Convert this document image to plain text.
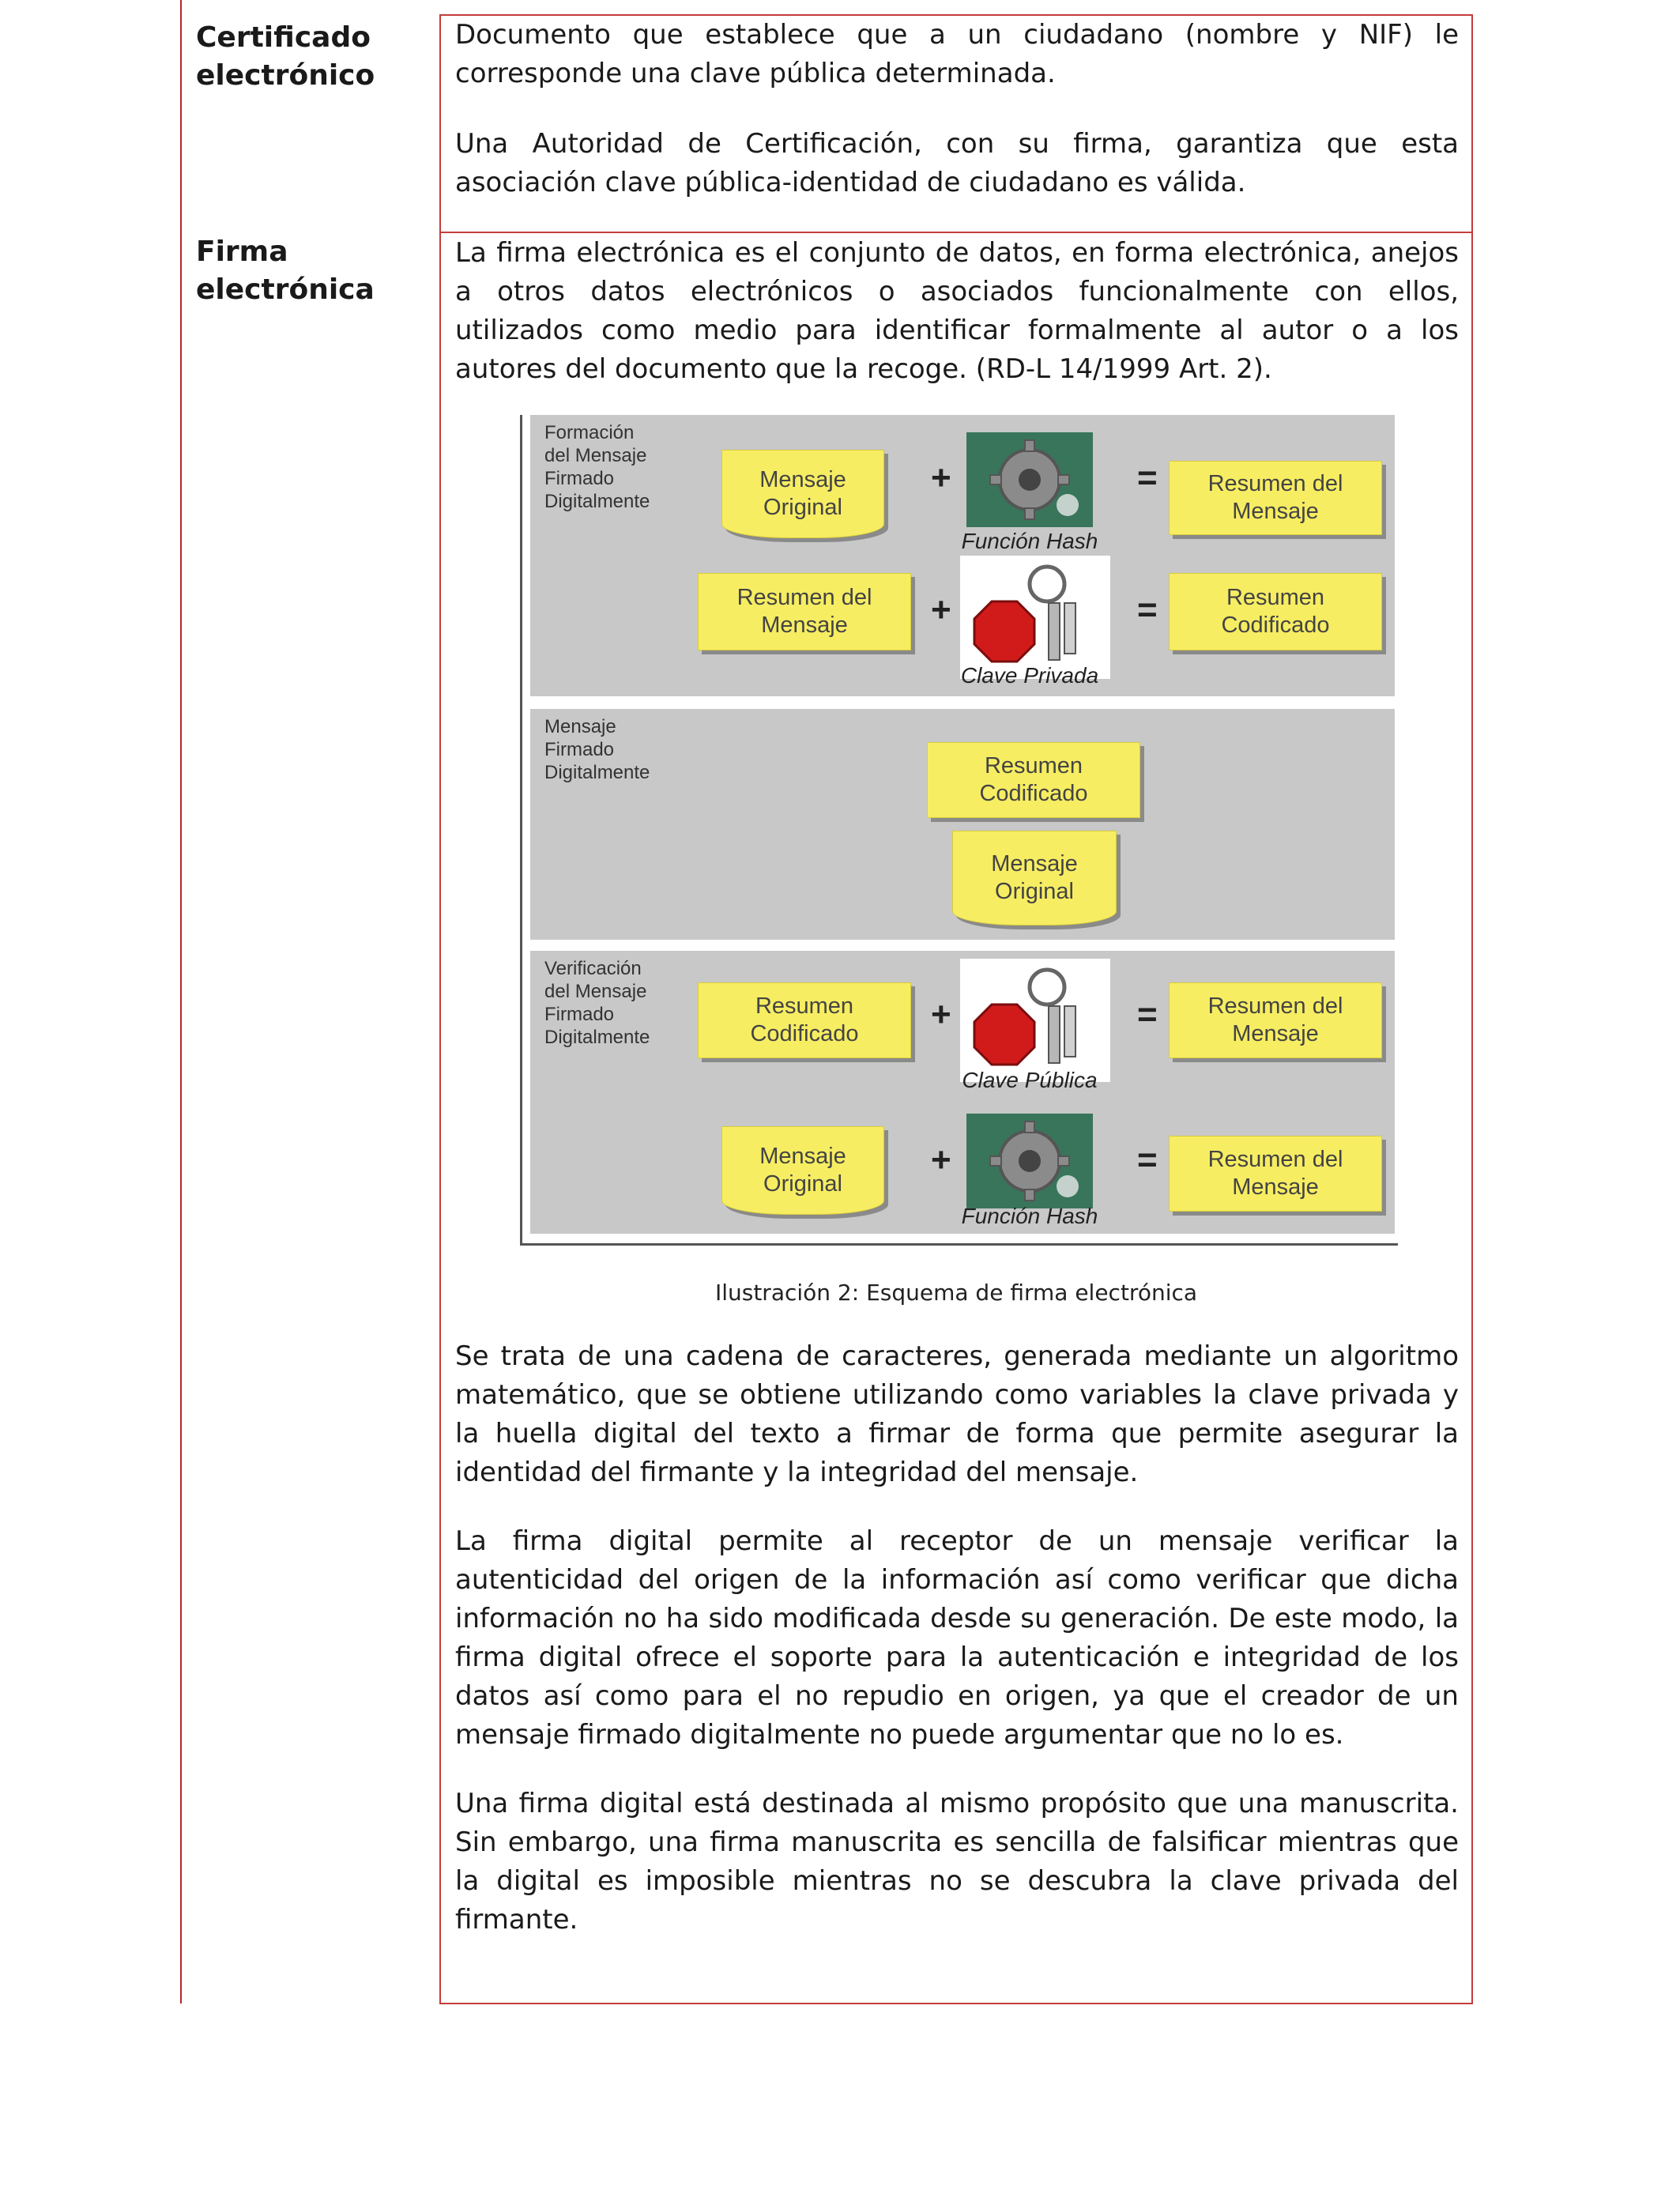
Certificado
electrónico
Documento que establece que a un ciudadano (nombre y NIF) le corresponde una clave pública determinada.
Una Autoridad de Certificación, con su firma, garantiza que esta asociación clave pública-identidad de ciudadano es válida.
Firma
electrónica
La firma electrónica es el conjunto de datos, en forma electrónica, anejos a otros datos electrónicos o asociados funcionalmente con ellos, utilizados como medio para identificar formalmente al autor o a los autores del documento que la recoge. (RD-L 14/1999 Art. 2).
Formación
del Mensaje
Firmado
Digitalmente
Mensaje
Original
+
Función Hash
= Resumen del
Mensaje
Resumen del
Mensaje	+
Clave Privada
=	Resumen
Codificado
Mensaje
Firmado
Digitalmente	Resumen
Codificado
Mensaje
Original
Verificación
del Mensaje
Firmado
Digitalmente
Resumen
Codificado +
Clave Pública
= Resumen del
Mensaje
Mensaje
Original
+
Función Hash
= Resumen del
Mensaje
Ilustración 2: Esquema de firma electrónica
Se trata de una cadena de caracteres, generada mediante un algoritmo matemático, que se obtiene utilizando como variables la clave privada y la huella digital del texto a firmar de forma que permite asegurar la identidad del firmante y la integridad del mensaje.
La firma digital permite al receptor de un mensaje verificar la autenticidad del origen de la información así como verificar que dicha información no ha sido modificada desde su generación. De este modo, la firma digital ofrece el soporte para la autenticación e integridad de los datos así como para el no repudio en origen, ya que el creador de un mensaje firmado digitalmente no puede argumentar que no lo es.
Una firma digital está destinada al mismo propósito que una manuscrita. Sin embargo, una firma manuscrita es sencilla de falsificar mientras que la digital es imposible mientras no se descubra la clave privada del firmante.
